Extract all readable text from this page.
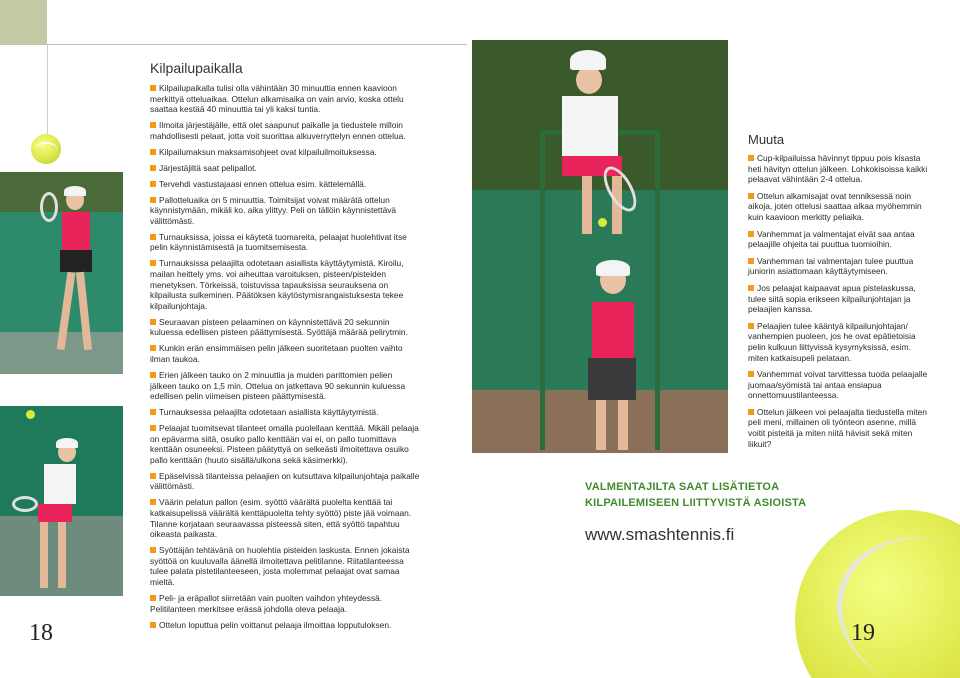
Kilpailupaikalla
Kilpailupaikalla tulisi olla vähintään 30 minuuttia ennen kaavioon merkittyä otteluaikaa. Ottelun alkamisaika on vain arvio, koska ottelu saattaa kestää 40 minuuttia tai yli kaksi tuntia.
Ilmoita järjestäjälle, että olet saapunut paikalle ja tiedustele milloin mahdollisesti pelaat, jotta voit suorittaa alkuverryttelyn ennen ottelua.
Kilpailumaksun maksamisohjeet ovat kilpailuilmoituksessa.
Järjestäjiltä saat pelipallot.
Tervehdi vastustajaasi ennen ottelua esim. kättelemällä.
Pallotteluaika on 5 minuuttia. Toimitsijat voivat määrätä ottelun käynnistymään, mikäli ko. aika ylittyy. Peli on tällöin käynnistettävä välittömästi.
Turnauksissa, joissa ei käytetä tuomareita, pelaajat huolehtivat itse pelin käynnistämisestä ja tuomitsemisesta.
Turnauksissa pelaajilta odotetaan asiallista käyttäytymistä. Kiroilu, mailan heittely yms. voi aiheuttaa varoituksen, pisteen/pisteiden menetyksen. Törkeissä, toistuvissa tapauksissa seurauksena on kilpailusta sulkeminen. Päätöksen käytöstymisrangaistuksesta tekee kilpailunjohtaja.
Seuraavan pisteen pelaaminen on käynnistettävä 20 sekunnin kuluessa edellisen pisteen päättymisestä. Syöttäjä määrää pelirytmin.
Kunkin erän ensimmäisen pelin jälkeen suoritetaan puolten vaihto ilman taukoa.
Erien jälkeen tauko on 2 minuuttia ja muiden parittomien pelien jälkeen tauko on 1,5 min. Ottelua on jatkettava 90 sekunnin kuluessa edellisen pelin viimeisen pisteen päättymisestä.
Turnauksessa pelaajilta odotetaan asiallista käyttäytymistä.
Pelaajat tuomitsevat tilanteet omalla puolellaan kenttää. Mikäli pelaaja on epävarma siitä, osuiko pallo kenttään vai ei, on pallo tuomittava kenttään osuneeksi. Pisteen päätyttyä on selkeästi ilmoitettava osuiko pallo kenttään (huuto sisällä/ulkona sekä käsimerkki).
Epäselvissä tilanteissa pelaajien on kutsuttava kilpailunjohtaja paikalle välittömästi.
Väärin pelatun pallon (esim. syöttö väärältä puolelta kenttää tai katkaisupelissä väärältä kenttäpuolelta tehty syöttö) piste jää voimaan. Tilanne korjataan seuraavassa pisteessä siten, että syöttö tapahtuu oikeasta paikasta.
Syöttäjän tehtävänä on huolehtia pisteiden laskusta. Ennen jokaista syöttöä on kuuluvalla äänellä ilmoitettava pelitilanne. Riitatilanteessa tulee palata pistetilanteeseen, josta molemmat pelaajat ovat samaa mieltä.
Peli- ja eräpallot siirretään vain puolten vaihdon yhteydessä. Pelitilanteen merkitsee erässä johdolla oleva pelaaja.
Ottelun loputtua pelin voittanut pelaaja ilmoittaa lopputuloksen.
Muuta
Cup-kilpailuissa hävinnyt tippuu pois kisasta heti hävityn ottelun jälkeen. Lohkokisoissa kaikki pelaavat vähintään 2-4 ottelua.
Ottelun alkamisajat ovat tenniksessä noin aikoja, joten ottelusi saattaa alkaa myöhemmin kuin kaavioon merkitty peliaika.
Vanhemmat ja valmentajat eivät saa antaa pelaajille ohjeita tai puuttua tuomioihin.
Vanhemman tai valmentajan tulee puuttua juniorin asiattomaan käyttäytymiseen.
Jos pelaajat kaipaavat apua pistelaskussa, tulee siitä sopia erikseen kilpailunjohtajan ja pelaajien kanssa.
Pelaajien tulee kääntyä kilpailunjohtajan/ vanhempien puoleen, jos he ovat epätietoisia pelin kulkuun liittyvissä kysymyksissä, esim. miten katkaisupeli pelataan.
Vanhemmat voivat tarvittessa tuoda pelaajalle juomaa/syömistä tai antaa ensiapua onnettomuustilanteessa.
Ottelun jälkeen voi pelaajalta tiedustella miten peli meni, millainen oli työnteon asenne, millä voitit pisteitä ja miten niitä hävisit sekä miten liikuit?
VALMENTAJILTA SAAT LISÄTIETOA
KILPAILEMISEEN LIITTYVISTÄ ASIOISTA
www.smashtennis.fi
18	19
